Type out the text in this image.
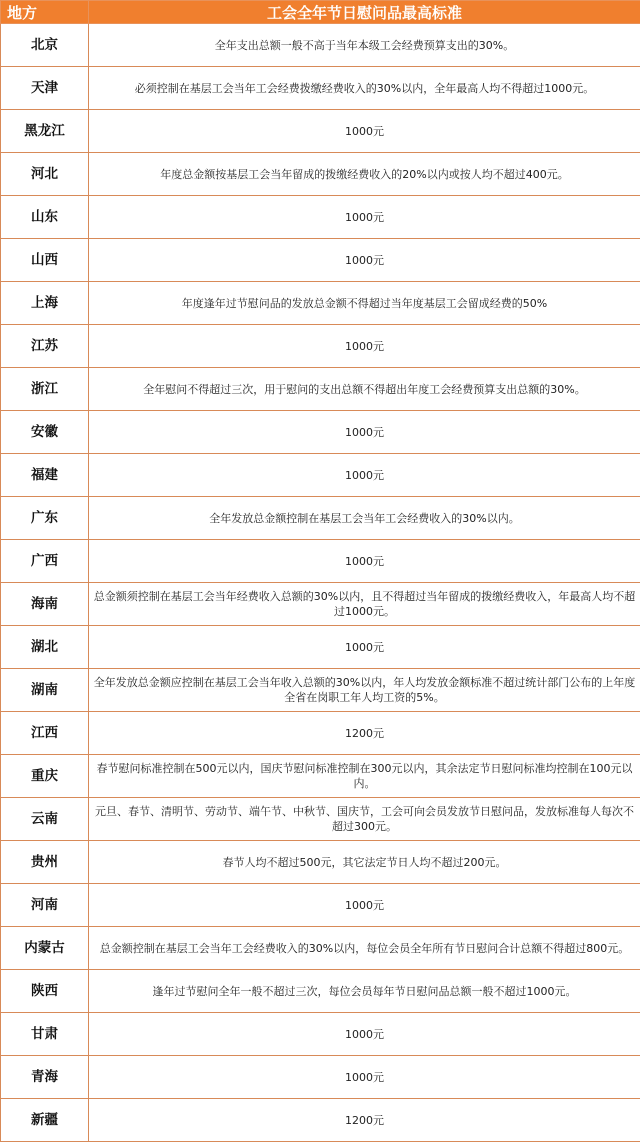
地方	工会全年节日慰问品最高标准
北京	全年支出总额一般不高于当年本级工会经费预算支出的30%。
天津	必须控制在基层工会当年工会经费拨缴经费收入的30%以内，全年最高人均不得超过1000元。
黑龙江	1000元
河北	年度总金额按基层工会当年留成的拨缴经费收入的20%以内或按人均不超过400元。
山东	1000元
山西	1000元
上海	年度逢年过节慰问品的发放总金额不得超过当年度基层工会留成经费的50%
江苏	1000元
浙江	全年慰问不得超过三次，用于慰问的支出总额不得超出年度工会经费预算支出总额的30%。
安徽	1000元
福建	1000元
广东	全年发放总金额控制在基层工会当年工会经费收入的30%以内。
广西	1000元
海南	总金额须控制在基层工会当年经费收入总额的30%以内，且不得超过当年留成的拨缴经费收入，年最高人均不超过1000元。
湖北	1000元
湖南	全年发放总金额应控制在基层工会当年收入总额的30%以内，年人均发放金额标准不超过统计部门公布的上年度全省在岗职工年人均工资的5%。
江西	1200元
重庆	春节慰问标准控制在500元以内，国庆节慰问标准控制在300元以内，其余法定节日慰问标准均控制在100元以内。
云南	元旦、春节、清明节、劳动节、端午节、中秋节、国庆节，工会可向会员发放节日慰问品，发放标准每人每次不超过300元。
贵州	春节人均不超过500元，其它法定节日人均不超过200元。
河南	1000元
内蒙古	总金额控制在基层工会当年工会经费收入的30%以内，每位会员全年所有节日慰问合计总额不得超过800元。
陕西	逢年过节慰问全年一般不超过三次，每位会员每年节日慰问品总额一般不超过1000元。
甘肃	1000元
青海	1000元
新疆	1200元
